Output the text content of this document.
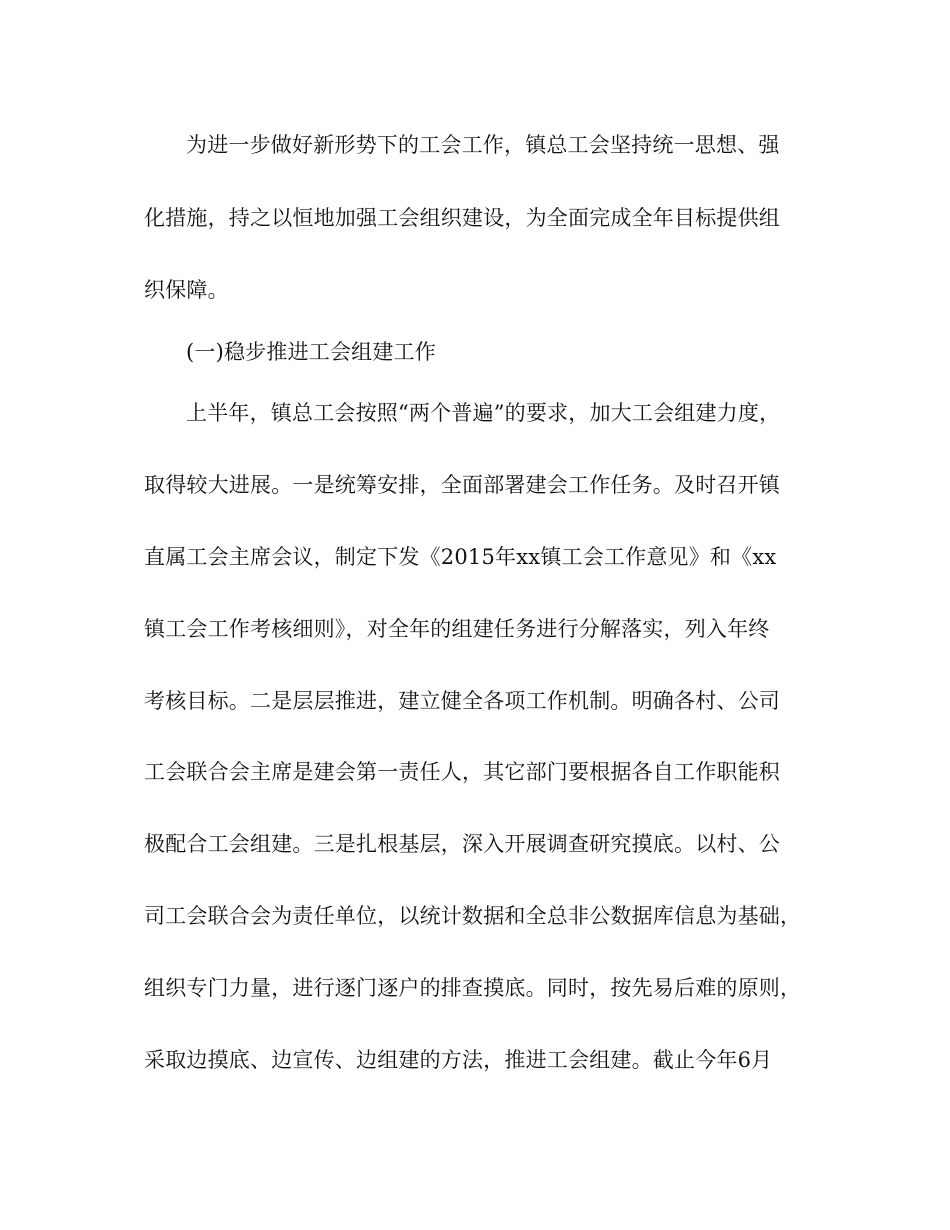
为进一步做好新形势下的工会工作，镇总工会坚持统一思想、强
化措施，持之以恒地加强工会组织建设，为全面完成全年目标提供组
织保障。
(一)稳步推进工会组建工作
上半年，镇总工会按照“两个普遍”的要求，加大工会组建力度，
取得较大进展。一是统筹安排，全面部署建会工作任务。及时召开镇
直属工会主席会议，制定下发《2015年xx镇工会工作意见》和《xx
镇工会工作考核细则》，对全年的组建任务进行分解落实，列入年终
考核目标。二是层层推进，建立健全各项工作机制。明确各村、公司
工会联合会主席是建会第一责任人，其它部门要根据各自工作职能积
极配合工会组建。三是扎根基层，深入开展调查研究摸底。以村、公
司工会联合会为责任单位，以统计数据和全总非公数据库信息为基础，
组织专门力量，进行逐门逐户的排查摸底。同时，按先易后难的原则，
采取边摸底、边宣传、边组建的方法，推进工会组建。截止今年6月
